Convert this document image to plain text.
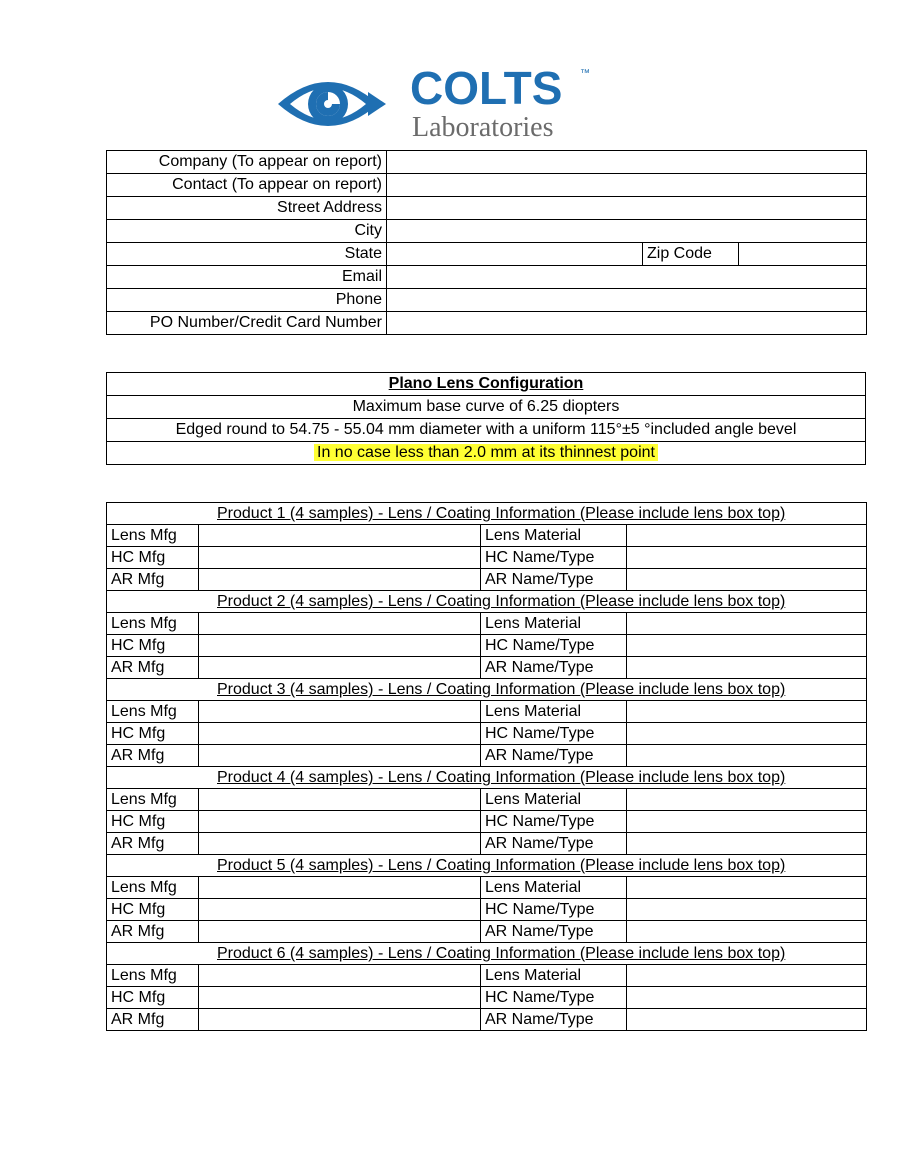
COLTS ™
Laboratories
Company (To appear on report)			
Contact (To appear on report)			
Street Address			
City			
State		Zip Code	
Email			
Phone			
PO Number/Credit Card Number			
Plano Lens Configuration
Maximum base curve of 6.25 diopters
Edged round to 54.75 - 55.04 mm diameter with a uniform 115°±5 °included angle bevel
In no case less than 2.0 mm at its thinnest point
Product 1 (4 samples) - Lens / Coating Information (Please include lens box top)			
Lens Mfg		Lens Material	
HC Mfg		HC Name/Type	
AR Mfg		AR Name/Type	
Product 2 (4 samples) - Lens / Coating Information (Please include lens box top)			
Lens Mfg		Lens Material	
HC Mfg		HC Name/Type	
AR Mfg		AR Name/Type	
Product 3 (4 samples) - Lens / Coating Information (Please include lens box top)			
Lens Mfg		Lens Material	
HC Mfg		HC Name/Type	
AR Mfg		AR Name/Type	
Product 4 (4 samples) - Lens / Coating Information (Please include lens box top)			
Lens Mfg		Lens Material	
HC Mfg		HC Name/Type	
AR Mfg		AR Name/Type	
Product 5 (4 samples) - Lens / Coating Information (Please include lens box top)			
Lens Mfg		Lens Material	
HC Mfg		HC Name/Type	
AR Mfg		AR Name/Type	
Product 6 (4 samples) - Lens / Coating Information (Please include lens box top)			
Lens Mfg		Lens Material	
HC Mfg		HC Name/Type	
AR Mfg		AR Name/Type	
